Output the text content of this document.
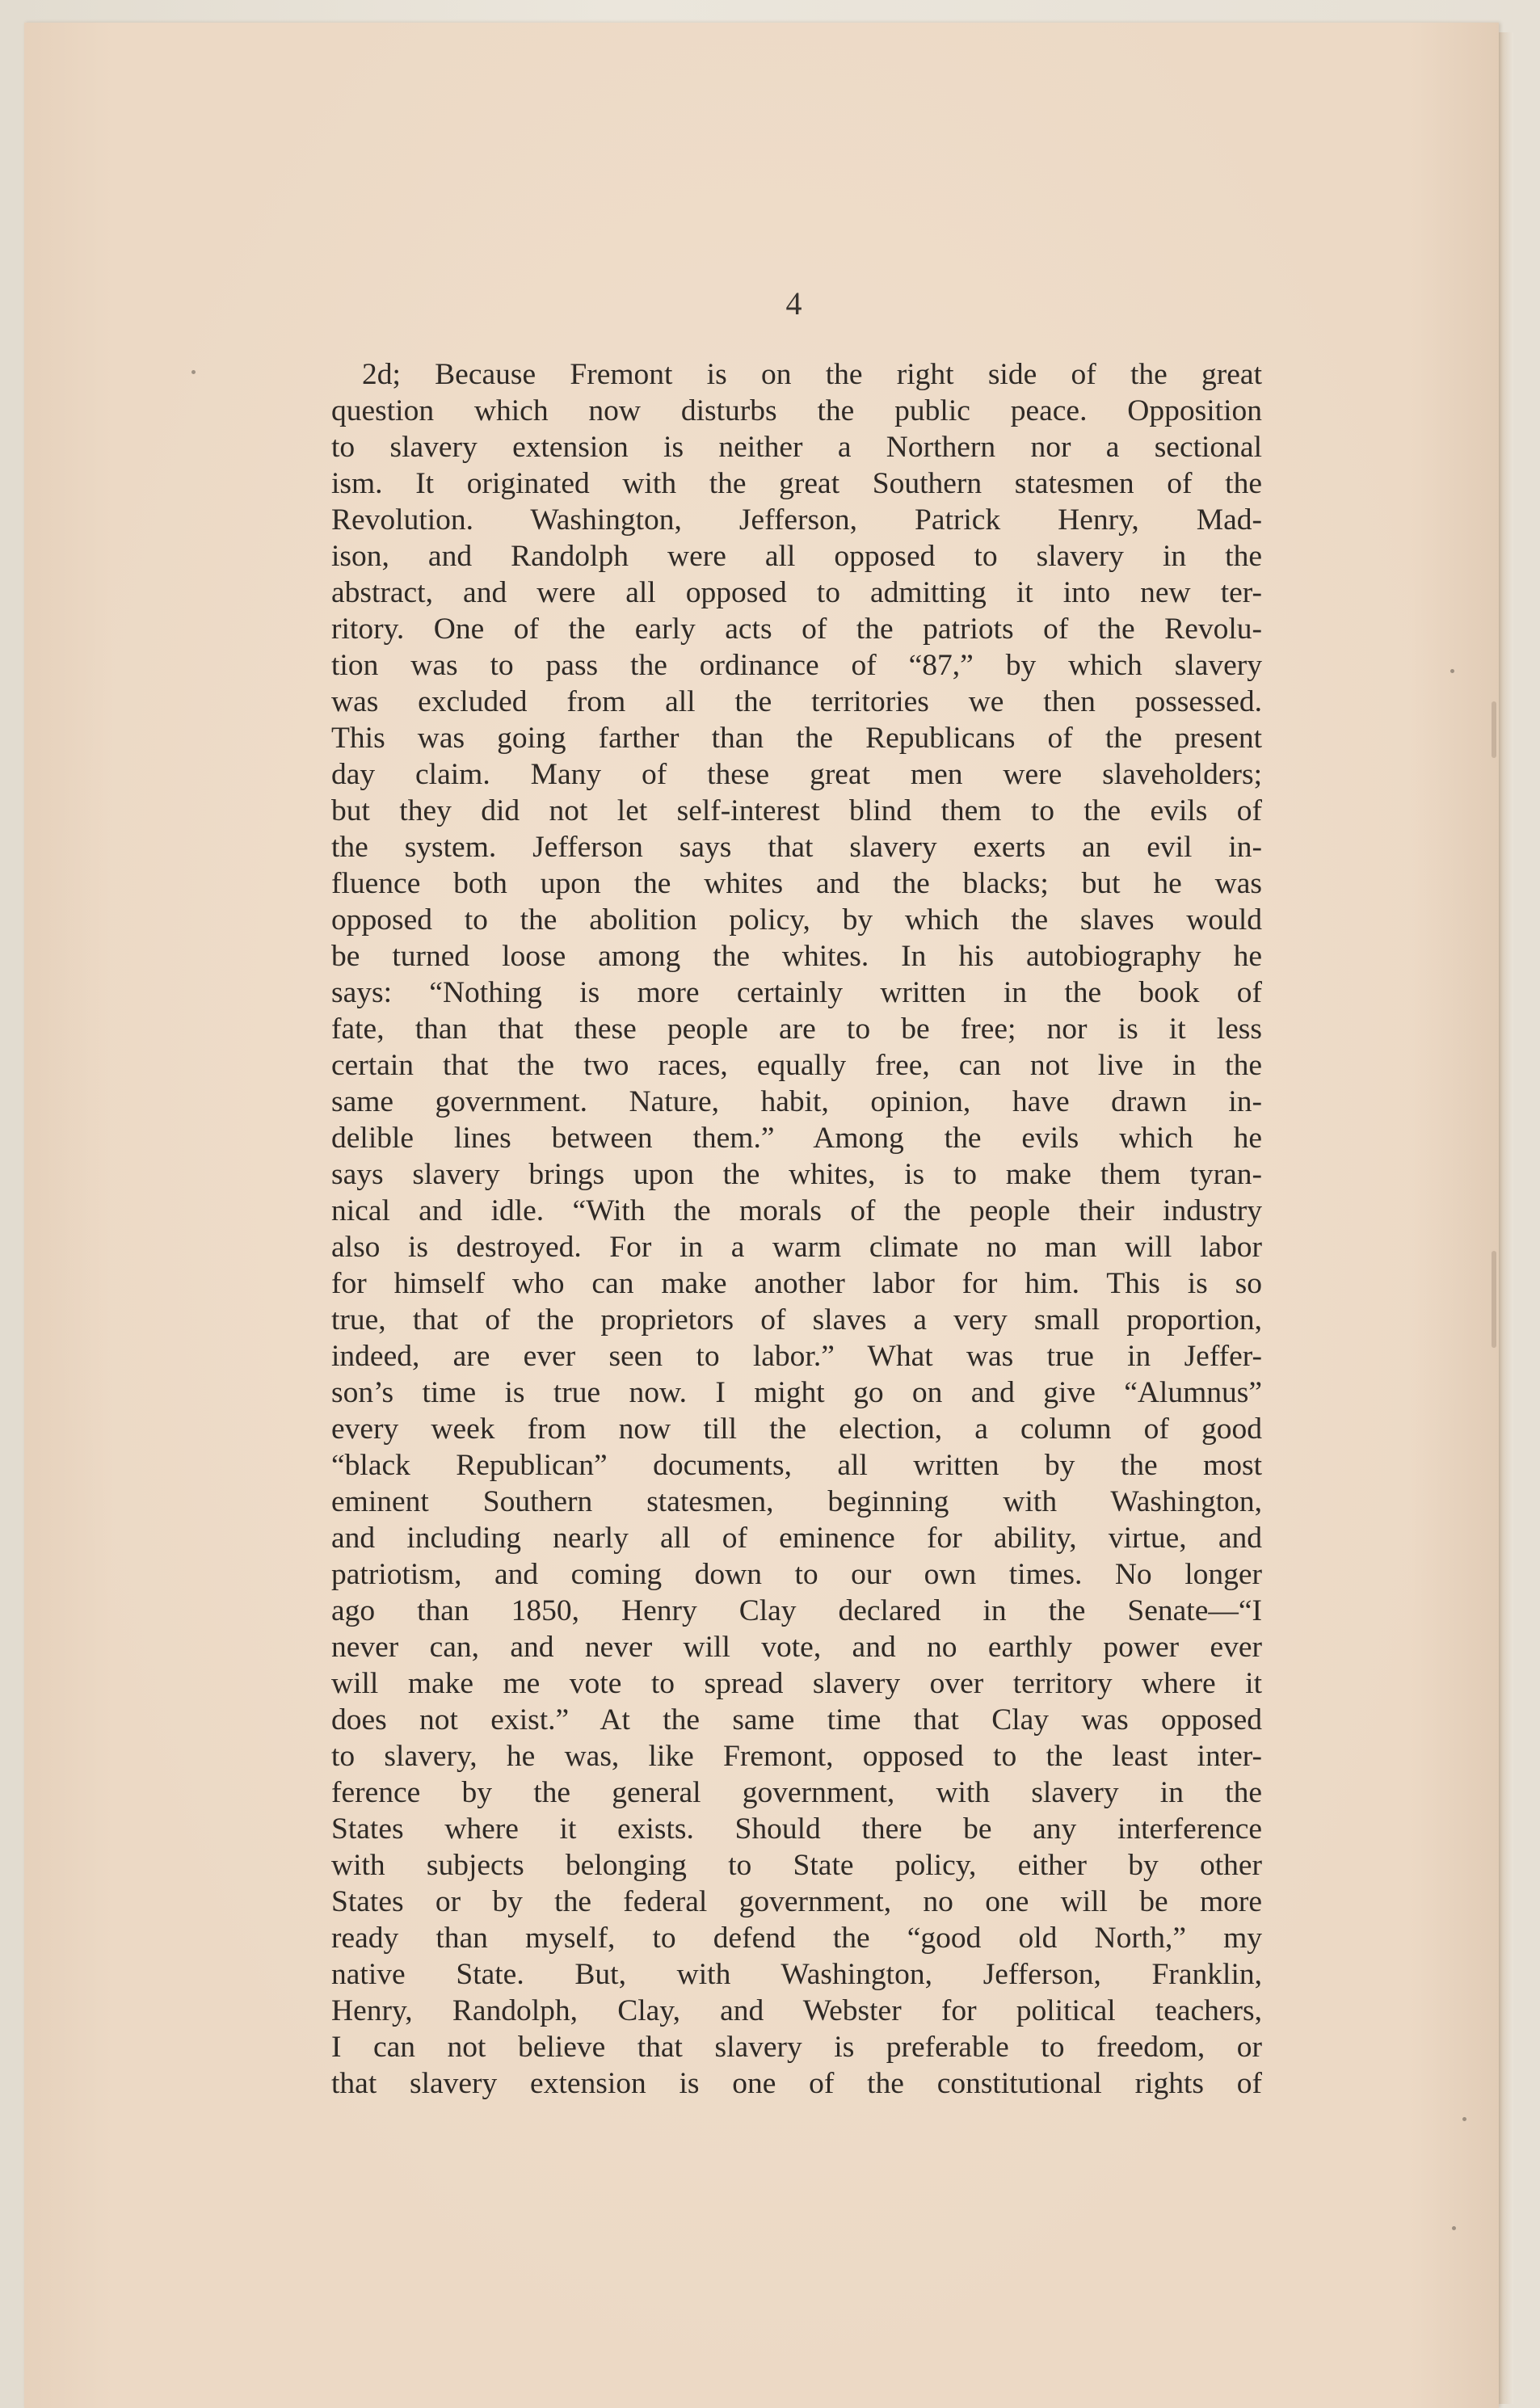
4
2d; Because Fremont is on the right side of the great
question which now disturbs the public peace. Opposition
to slavery extension is neither a Northern nor a sectional
ism. It originated with the great Southern statesmen of the
Revolution. Washington, Jefferson, Patrick Henry, Mad-
ison, and Randolph were all opposed to slavery in the
abstract, and were all opposed to admitting it into new ter-
ritory. One of the early acts of the patriots of the Revolu-
tion was to pass the ordinance of “87,” by which slavery
was excluded from all the territories we then possessed.
This was going farther than the Republicans of the present
day claim. Many of these great men were slaveholders;
but they did not let self-interest blind them to the evils of
the system. Jefferson says that slavery exerts an evil in-
fluence both upon the whites and the blacks; but he was
opposed to the abolition policy, by which the slaves would
be turned loose among the whites. In his autobiography he
says: “Nothing is more certainly written in the book of
fate, than that these people are to be free; nor is it less
certain that the two races, equally free, can not live in the
same government. Nature, habit, opinion, have drawn in-
delible lines between them.” Among the evils which he
says slavery brings upon the whites, is to make them tyran-
nical and idle. “With the morals of the people their industry
also is destroyed. For in a warm climate no man will labor
for himself who can make another labor for him. This is so
true, that of the proprietors of slaves a very small proportion,
indeed, are ever seen to labor.” What was true in Jeffer-
son’s time is true now. I might go on and give “Alumnus”
every week from now till the election, a column of good
“black Republican” documents, all written by the most
eminent Southern statesmen, beginning with Washington,
and including nearly all of eminence for ability, virtue, and
patriotism, and coming down to our own times. No longer
ago than 1850, Henry Clay declared in the Senate—“I
never can, and never will vote, and no earthly power ever
will make me vote to spread slavery over territory where it
does not exist.” At the same time that Clay was opposed
to slavery, he was, like Fremont, opposed to the least inter-
ference by the general government, with slavery in the
States where it exists. Should there be any interference
with subjects belonging to State policy, either by other
States or by the federal government, no one will be more
ready than myself, to defend the “good old North,” my
native State. But, with Washington, Jefferson, Franklin,
Henry, Randolph, Clay, and Webster for political teachers,
I can not believe that slavery is preferable to freedom, or
that slavery extension is one of the constitutional rights of
